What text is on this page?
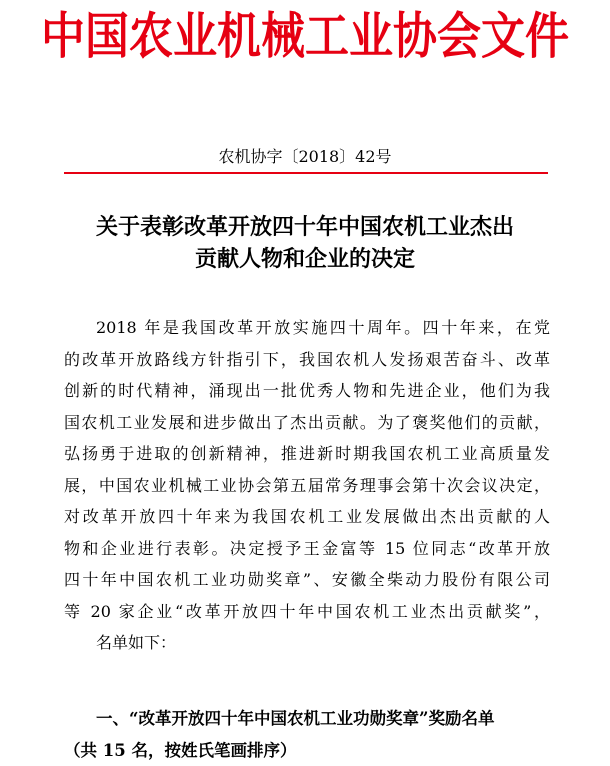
中国农业机械工业协会文件
农机协字〔2018〕42号
关于表彰改革开放四十年中国农机工业杰出
贡献人物和企业的决定
2018 年是我国改革开放实施四十周年。四十年来，在党
的改革开放路线方针指引下，我国农机人发扬艰苦奋斗、改革
创新的时代精神，涌现出一批优秀人物和先进企业，他们为我
国农机工业发展和进步做出了杰出贡献。为了褒奖他们的贡献，
弘扬勇于进取的创新精神，推进新时期我国农机工业高质量发
展，中国农业机械工业协会第五届常务理事会第十次会议决定，
对改革开放四十年来为我国农机工业发展做出杰出贡献的人
物和企业进行表彰。决定授予王金富等 15 位同志“改革开放
四十年中国农机工业功勋奖章”、安徽全柴动力股份有限公司
等 20 家企业“改革开放四十年中国农机工业杰出贡献奖”，
名单如下：
一、“改革开放四十年中国农机工业功勋奖章”奖励名单
（共 15 名，按姓氏笔画排序）
